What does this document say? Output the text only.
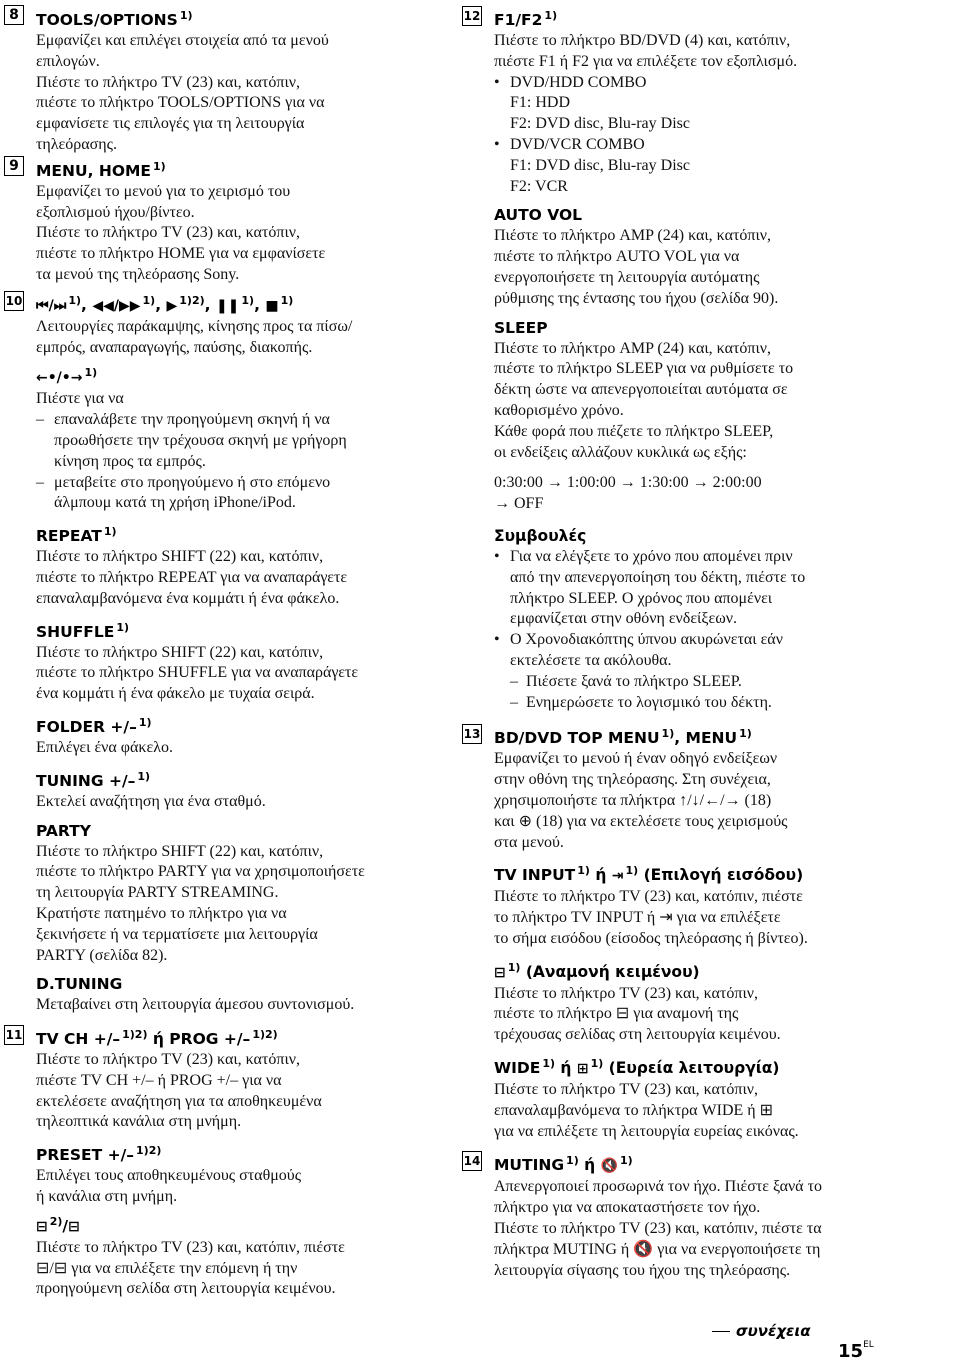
8	TOOLS/OPTIONS $^{1)}$

Εμφανίζει και επιλέγει στοιχεία από τα μενού

επιλογών.

Πιέστε το πλήκτρο TV (23) και, κατόπιν,

πιέστε το πλήκτρο TOOLS/OPTIONS για να

εμφανίσετε τις επιλογές για τη λειτουργία

τηλεόρασης.

9	MENU, HOME $^{1)}$

Εμφανίζει το μενού για το χειρισμό του

εξοπλισμού ήχου/βίντεο.

Πιέστε το πλήκτρο TV (23) και, κατόπιν,

πιέστε το πλήκτρο HOME για να εμφανίσετε

τα μενού της τηλεόρασης Sony.

10 ⏮/⏭ $^{1)}$, ◀◀/▶▶ $^{1)}$, ▶ $^{1)2)}$, ❚❚ $^{1)}$, ■ $^{1)}$

Λειτουργίες παράκαμψης, κίνησης προς τα πίσω/

εμπρός, αναπαραγωγής, παύσης, διακοπής.

←•/•→ $^{1)}$

Πιέστε για να

– επαναλάβετε την προηγούμενη σκηνή ή να

προωθήσετε την τρέχουσα σκηνή με γρήγορη

κίνηση προς τα εμπρός.

– μεταβείτε στο προηγούμενο ή στο επόμενο

άλμπουμ κατά τη χρήση iPhone/iPod.

REPEAT $^{1)}$

Πιέστε το πλήκτρο SHIFT (22) και, κατόπιν,

πιέστε το πλήκτρο REPEAT για να αναπαράγετε

επαναλαμβανόμενα ένα κομμάτι ή ένα φάκελο.

SHUFFLE $^{1)}$

Πιέστε το πλήκτρο SHIFT (22) και, κατόπιν,

πιέστε το πλήκτρο SHUFFLE για να αναπαράγετε

ένα κομμάτι ή ένα φάκελο με τυχαία σειρά.

FOLDER +/– $^{1)}$

Επιλέγει ένα φάκελο.

TUNING +/– $^{1)}$

Εκτελεί αναζήτηση για ένα σταθμό.

PARTY

Πιέστε το πλήκτρο SHIFT (22) και, κατόπιν,

πιέστε το πλήκτρο PARTY για να χρησιμοποιήσετε

τη λειτουργία PARTY STREAMING.

Κρατήστε πατημένο το πλήκτρο για να

ξεκινήσετε ή να τερματίσετε μια λειτουργία

PARTY (σελίδα 82).

D.TUNING

Μεταβαίνει στη λειτουργία άμεσου συντονισμού.

11 TV CH +/– $^{1)2)}$ ή PROG +/– $^{1)2)}$

Πιέστε το πλήκτρο TV (23) και, κατόπιν,

πιέστε TV CH +/– ή PROG +/– για να

εκτελέσετε αναζήτηση για τα αποθηκευμένα

τηλεοπτικά κανάλια στη μνήμη.

PRESET +/– $^{1)2)}$

Επιλέγει τους αποθηκευμένους σταθμούς

ή κανάλια στη μνήμη.

⊟ $^{2)}$/⊟

Πιέστε το πλήκτρο TV (23) και, κατόπιν, πιέστε

⊟/⊟ για να επιλέξετε την επόμενη ή την

προηγούμενη σελίδα στη λειτουργία κειμένου.

12 F1/F2 $^{1)}$

Πιέστε το πλήκτρο BD/DVD (4) και, κατόπιν,

πιέστε F1 ή F2 για να επιλέξετε τον εξοπλισμό.

• DVD/HDD COMBO

F1: HDD

F2: DVD disc, Blu-ray Disc

• DVD/VCR COMBO

F1: DVD disc, Blu-ray Disc

F2: VCR

AUTO VOL

Πιέστε το πλήκτρο AMP (24) και, κατόπιν,

πιέστε το πλήκτρο AUTO VOL για να

ενεργοποιήσετε τη λειτουργία αυτόματης

ρύθμισης της έντασης του ήχου (σελίδα 90).

SLEEP

Πιέστε το πλήκτρο AMP (24) και, κατόπιν,

πιέστε το πλήκτρο SLEEP για να ρυθμίσετε το

δέκτη ώστε να απενεργοποιείται αυτόματα σε

καθορισμένο χρόνο.

Κάθε φορά που πιέζετε το πλήκτρο SLEEP,

οι ενδείξεις αλλάζουν κυκλικά ως εξής:

0:30:00 → 1:00:00 → 1:30:00 → 2:00:00

→ OFF

Συμβουλές

• Για να ελέγξετε το χρόνο που απομένει πριν

από την απενεργοποίηση του δέκτη, πιέστε το

πλήκτρο SLEEP. Ο χρόνος που απομένει

εμφανίζεται στην οθόνη ενδείξεων.

• Ο Χρονοδιακόπτης ύπνου ακυρώνεται εάν

εκτελέσετε τα ακόλουθα.

– Πιέσετε ξανά το πλήκτρο SLEEP.

– Ενημερώσετε το λογισμικό του δέκτη.

13 BD/DVD TOP MENU $^{1)}$, MENU $^{1)}$

Εμφανίζει το μενού ή έναν οδηγό ενδείξεων

στην οθόνη της τηλεόρασης. Στη συνέχεια,

χρησιμοποιήστε τα πλήκτρα ↑/↓/←/→ (18)

και ⊕ (18) για να εκτελέσετε τους χειρισμούς

στα μενού.

TV INPUT $^{1)}$ ή ⇥ $^{1)}$ (Επιλογή εισόδου)

Πιέστε το πλήκτρο TV (23) και, κατόπιν, πιέστε

το πλήκτρο TV INPUT ή ⇥ για να επιλέξετε

το σήμα εισόδου (είσοδος τηλεόρασης ή βίντεο).

⊟ $^{1)}$ (Αναμονή κειμένου)

Πιέστε το πλήκτρο TV (23) και, κατόπιν,

πιέστε το πλήκτρο ⊟ για αναμονή της

τρέχουσας σελίδας στη λειτουργία κειμένου.

WIDE $^{1)}$ ή ⊞ $^{1)}$ (Ευρεία λειτουργία)

Πιέστε το πλήκτρο TV (23) και, κατόπιν,

επαναλαμβανόμενα το πλήκτρα WIDE ή ⊞

για να επιλέξετε τη λειτουργία ευρείας εικόνας.

14 MUTING $^{1)}$ ή 🔇 $^{1)}$

Απενεργοποιεί προσωρινά τον ήχο. Πιέστε ξανά το

πλήκτρο για να αποκαταστήσετε τον ήχο.

Πιέστε το πλήκτρο TV (23) και, κατόπιν, πιέστε τα

πλήκτρα MUTING ή 🔇 για να ενεργοποιήσετε τη

λειτουργία σίγασης του ήχου της τηλεόρασης.

συνέχεια
$15^{EL}$
